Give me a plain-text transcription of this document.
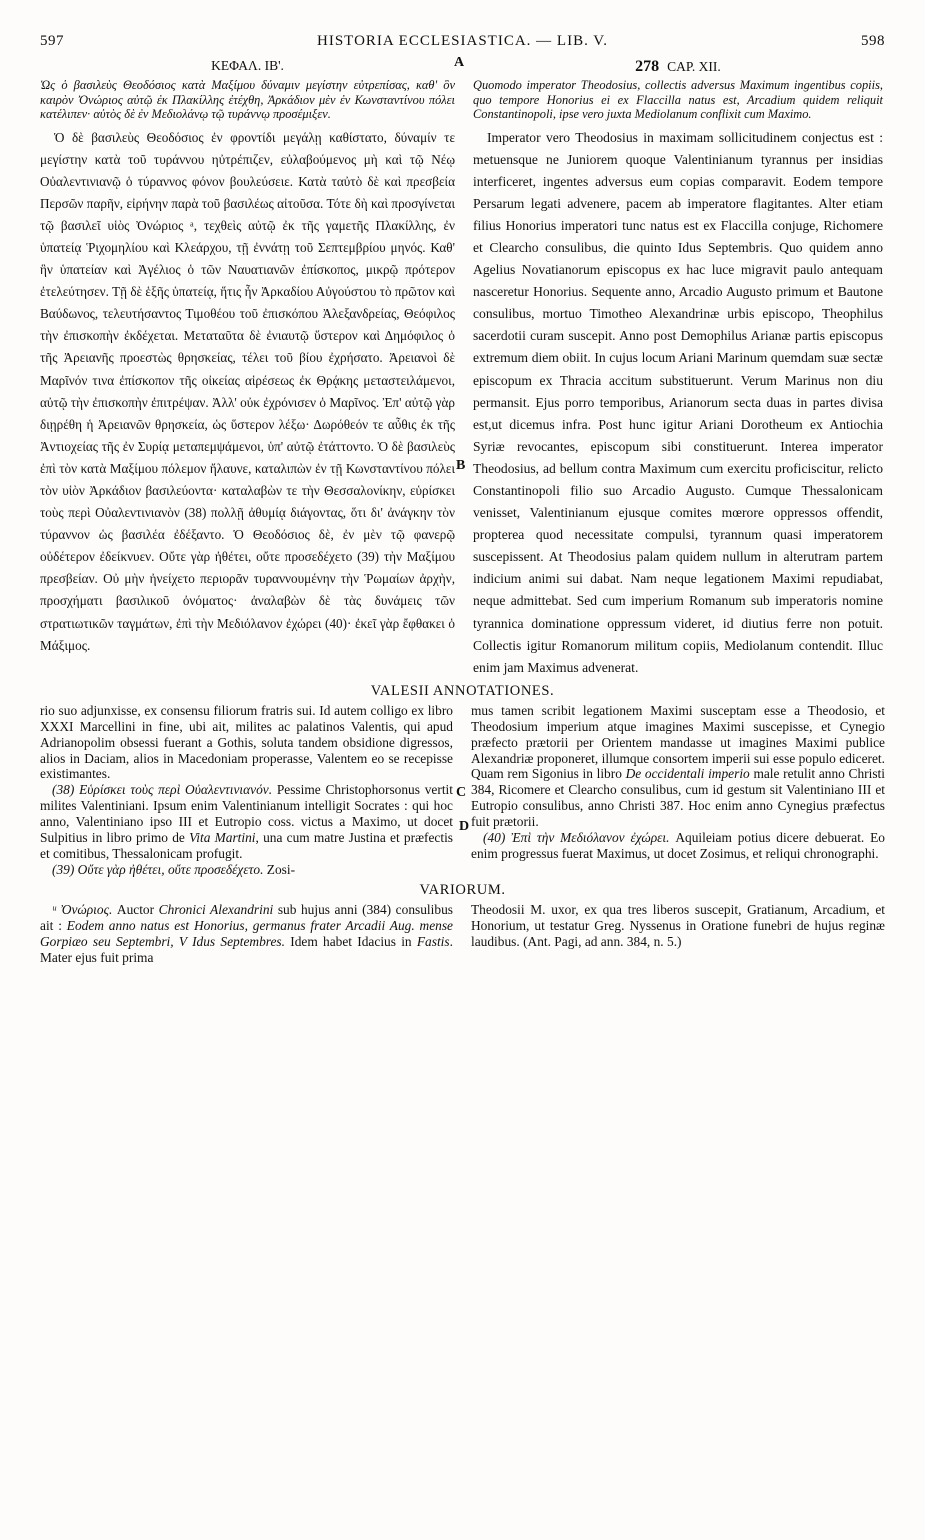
597	HISTORIA ECCLESIASTICA. — LIB. V.	598
ΚΕΦΑΛ. ΙΒ'.

Ὡς ὁ βασιλεὺς Θεοδόσιος κατὰ Μαξίμου δύναμιν μεγίστην εὐτρεπίσας, καθ' ὃν καιρὸν Ὀνώριος αὐτῷ ἐκ Πλακίλλης ἐτέχθη, Ἀρκάδιον μὲν ἐν Κωνσταντίνου πόλει κατέλιπεν· αὐτὸς δὲ ἐν Μεδιολάνῳ τῷ τυράννῳ προσέμιξεν.

Ὁ δὲ βασιλεὺς Θεοδόσιος ἐν φροντίδι μεγάλῃ καθίστατο, δύναμίν τε μεγίστην κατὰ τοῦ τυράννου ηὐτρέπιζεν, εὐλαβούμενος μὴ καὶ τῷ Νέῳ Οὐαλεντινιανῷ ὁ τύραννος φόνον βουλεύσειε. Κατὰ ταὐτὸ δὲ καὶ πρεσβεία Περσῶν παρῆν, εἰρήνην παρὰ τοῦ βασιλέως αἰτοῦσα. Τότε δὴ καὶ προσγίνεται τῷ βασιλεῖ υἱὸς Ὀνώριος ᵃ, τεχθεὶς αὐτῷ ἐκ τῆς γαμετῆς Πλακίλλης, ἐν ὑπατείᾳ Ῥιχομηλίου καὶ Κλεάρχου, τῇ ἐννάτῃ τοῦ Σεπτεμβρίου μηνός. Καθ' ἣν ὑπατείαν καὶ Ἀγέλιος ὁ τῶν Ναυατιανῶν ἐπίσκοπος, μικρῷ πρότερον ἐτελεύτησεν. Τῇ δὲ ἑξῆς ὑπατείᾳ, ἥτις ἦν Ἀρκαδίου Αὐγούστου τὸ πρῶτον καὶ Βαύδωνος, τελευτήσαντος Τιμοθέου τοῦ ἐπισκόπου Ἀλεξανδρείας, Θεόφιλος τὴν ἐπισκοπὴν ἐκδέχεται. Μεταταῦτα δὲ ἐνιαυτῷ ὕστερον καὶ Δημόφιλος ὁ τῆς Ἀρειανῆς προεστὼς θρησκείας, τέλει τοῦ βίου ἐχρήσατο. Ἀρειανοὶ δὲ Μαρῖνόν τινα ἐπίσκοπον τῆς οἰκείας αἱρέσεως ἐκ Θρᾴκης μεταστειλάμενοι, αὐτῷ τὴν ἐπισκοπὴν ἐπιτρέψαν. Ἀλλ' οὐκ ἐχρόνισεν ὁ Μαρῖνος. Ἐπ' αὐτῷ γὰρ διῃρέθη ἡ Ἀρειανῶν θρησκεία, ὡς ὕστερον λέξω· Δωρόθεόν τε αὖθις ἐκ τῆς Ἀντιοχείας τῆς ἐν Συρίᾳ μεταπεμψάμενοι, ὑπ' αὐτῷ ἐτάττοντο. Ὁ δὲ βασιλεὺς ἐπὶ τὸν κατὰ Μαξίμου πόλεμον ἤλαυνε, καταλιπὼν ἐν τῇ Κωνσταντίνου πόλει τὸν υἱὸν Ἀρκάδιον βασιλεύοντα· καταλαβὼν τε τὴν Θεσσαλονίκην, εὑρίσκει τοὺς περὶ Οὐαλεντινιανὸν (38) πολλῇ ἀθυμίᾳ διάγοντας, ὅτι δι' ἀνάγκην τὸν τύραννον ὡς βασιλέα ἐδέξαντο. Ὁ Θεοδόσιος δὲ, ἐν μὲν τῷ φανερῷ οὐδέτερον ἐδείκνυεν. Οὔτε γὰρ ἠθέτει, οὔτε προσεδέχετο (39) τὴν Μαξίμου πρεσβείαν. Οὐ μὴν ἠνείχετο περιορᾶν τυραννουμένην τὴν Ῥωμαίων ἀρχὴν, προσχήματι βασιλικοῦ ὀνόματος· ἀναλαβὼν δὲ τὰς δυνάμεις τῶν στρατιωτικῶν ταγμάτων, ἐπὶ τὴν Μεδιόλανον ἐχώρει (40)· ἐκεῖ γὰρ ἔφθακει ὁ Μάξιμος.

278 CAP. XII.

Quomodo imperator Theodosius, collectis adversus Maximum ingentibus copiis, quo tempore Honorius ei ex Flaccilla natus est, Arcadium quidem reliquit Constantinopoli, ipse vero juxta Mediolanum conflixit cum Maximo.

Imperator vero Theodosius in maximam sollicitudinem conjectus est : metuensque ne Juniorem quoque Valentinianum tyrannus per insidias interficeret, ingentes adversus eum copias comparavit. Eodem tempore Persarum legati advenere, pacem ab imperatore flagitantes. Alter etiam filius Honorius imperatori tunc natus est ex Flaccilla conjuge, Richomere et Clearcho consulibus, die quinto Idus Septembris. Quo quidem anno Agelius Novatianorum episcopus ex hac luce migravit paulo antequam nasceretur Honorius. Sequente anno, Arcadio Augusto primum et Bautone consulibus, mortuo Timotheo Alexandrinæ urbis episcopo, Theophilus sacerdotii curam suscepit. Anno post Demophilus Arianæ partis episcopus extremum diem obiit. In cujus locum Ariani Marinum quemdam suæ sectæ episcopum ex Thracia accitum substituerunt. Verum Marinus non diu permansit. Ejus porro temporibus, Arianorum secta duas in partes divisa est,ut dicemus infra. Post hunc igitur Ariani Dorotheum ex Antiochia Syriæ revocantes, episcopum sibi constituerunt. Interea imperator Theodosius, ad bellum contra Maximum cum exercitu proficiscitur, relicto Constantinopoli filio suo Arcadio Augusto. Cumque Thessalonicam venisset, Valentinianum ejusque comites mœrore oppressos offendit, propterea quod necessitate compulsi, tyrannum quasi imperatorem suscepissent. At Theodosius palam quidem nullum in alterutram partem indicium animi sui dabat. Nam neque legationem Maximi repudiabat, neque admittebat. Sed cum imperium Romanum sub imperatoris nomine tyrannica dominatione oppressum videret, id diutius ferre non potuit. Collectis igitur Romanorum militum copiis, Mediolanum contendit. Illuc enim jam Maximus advenerat.

A
B
C
VALESII ANNOTATIONES.

rio suo adjunxisse, ex consensu filiorum fratris sui. Id autem colligo ex libro XXXI Marcellini in fine, ubi ait, milites ac palatinos Valentis, qui apud Adrianopolim obsessi fuerant a Gothis, soluta tandem obsidione digressos, alios in Daciam, alios in Macedoniam properasse, Valentem eo se recepisse existimantes.

(38) Εὑρίσκει τοὺς περὶ Οὐαλεντινιανόν. Pessime Christophorsonus vertit milites Valentiniani. Ipsum enim Valentinianum intelligit Socrates : qui hoc anno, Valentiniano ipso III et Eutropio coss. victus a Maximo, ut docet Sulpitius in libro primo de Vita Martini, una cum matre Justina et præfectis et comitibus, Thessalonicam profugit.

(39) Οὔτε γὰρ ἠθέτει, οὔτε προσεδέχετο. Zosi-

mus tamen scribit legationem Maximi susceptam esse a Theodosio, et Theodosium imperium atque imagines Maximi suscepisse, et Cynegio præfecto prætorii per Orientem mandasse ut imagines Maximi publice Alexandriæ proponeret, illumque consortem imperii sui esse populo ediceret. Quam rem Sigonius in libro De occidentali imperio male retulit anno Christi 384, Ricomere et Clearcho consulibus, cum id gestum sit Valentiniano III et Eutropio consulibus, anno Christi 387. Hoc enim anno Cynegius præfectus fuit prætorii.

(40) Ἐπὶ τὴν Μεδιόλανον ἐχώρει. Aquileiam potius dicere debuerat. Eo enim progressus fuerat Maximus, ut docet Zosimus, et reliqui chronographi.

D
VARIORUM.

ᵘ Ὀνώριος. Auctor Chronici Alexandrini sub hujus anni (384) consulibus ait : Eodem anno natus est Honorius, germanus frater Arcadii Aug. mense Gorpiæo seu Septembri, V Idus Septembres. Idem habet Idacius in Fastis. Mater ejus fuit prima

Theodosii M. uxor, ex qua tres liberos suscepit, Gratianum, Arcadium, et Honorium, ut testatur Greg. Nyssenus in Oratione funebri de hujus reginæ laudibus. (Ant. Pagi, ad ann. 384, n. 5.)
